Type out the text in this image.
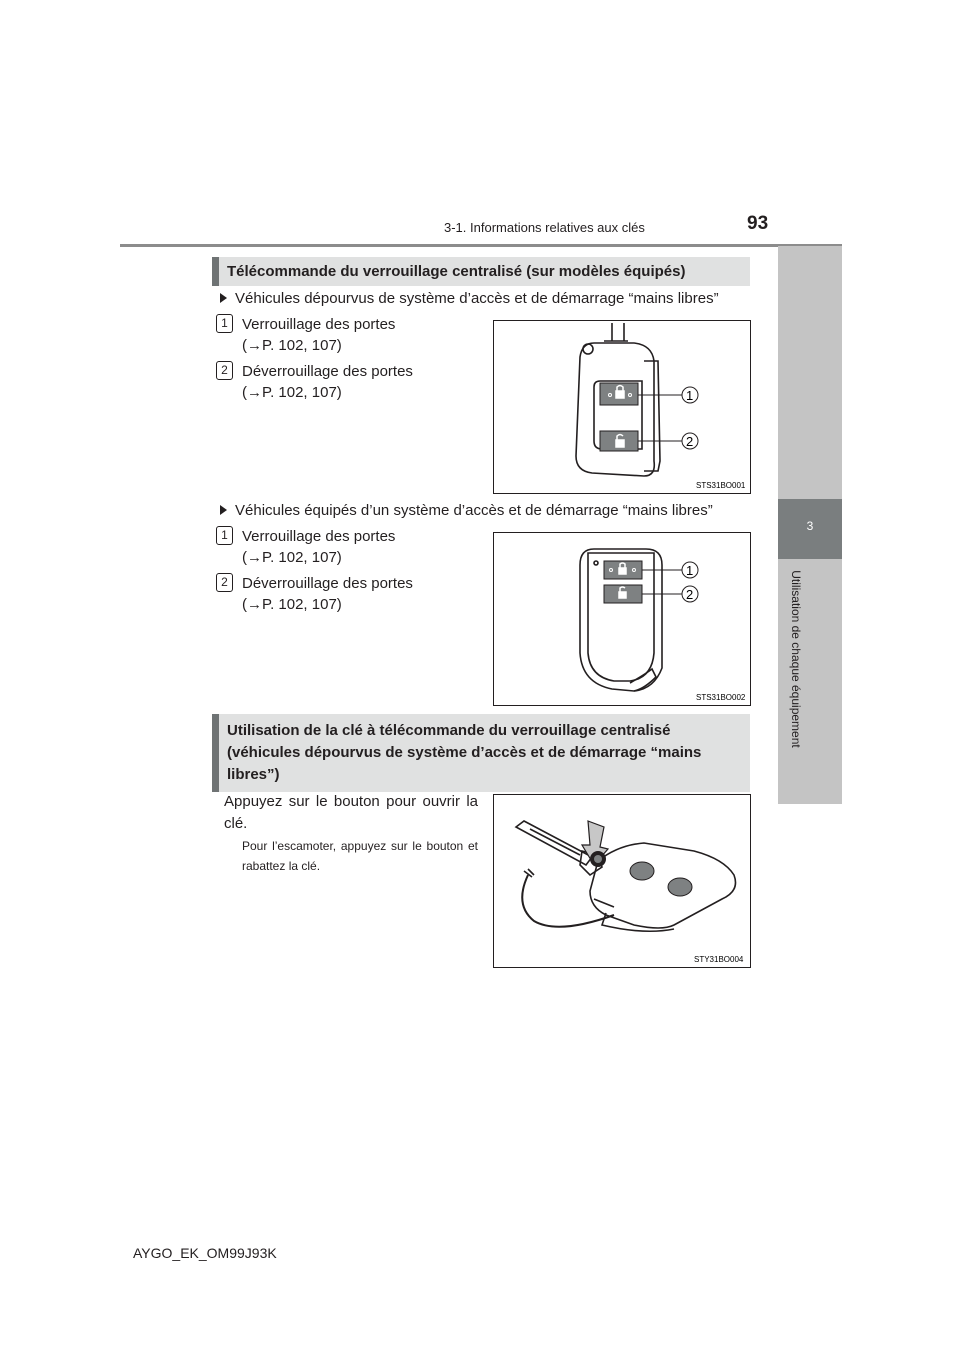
3-1. Informations relatives aux clés	93
3
Utilisation de chaque équipement
Télécommande du verrouillage centralisé (sur modèles équipés)
Véhicules dépourvus de système d’accès et de démarrage “mains libres”
1 Verrouillage des portes
(→P. 102, 107)
2 Déverrouillage des portes
(→P. 102, 107)	1
2
STS31BO001
Véhicules équipés d’un système d’accès et de démarrage “mains libres”
1 Verrouillage des portes
(→P. 102, 107)
2 Déverrouillage des portes
(→P. 102, 107)
1
2
STS31BO002
Utilisation de la clé à télécommande du verrouillage centralisé
(véhicules dépourvus de système d’accès et de démarrage “mains
libres”)
Appuyez sur le bouton pour ouvrir la clé.
Pour l’escamoter, appuyez sur le bouton et rabattez la clé.
STY31BO004
AYGO_EK_OM99J93K
